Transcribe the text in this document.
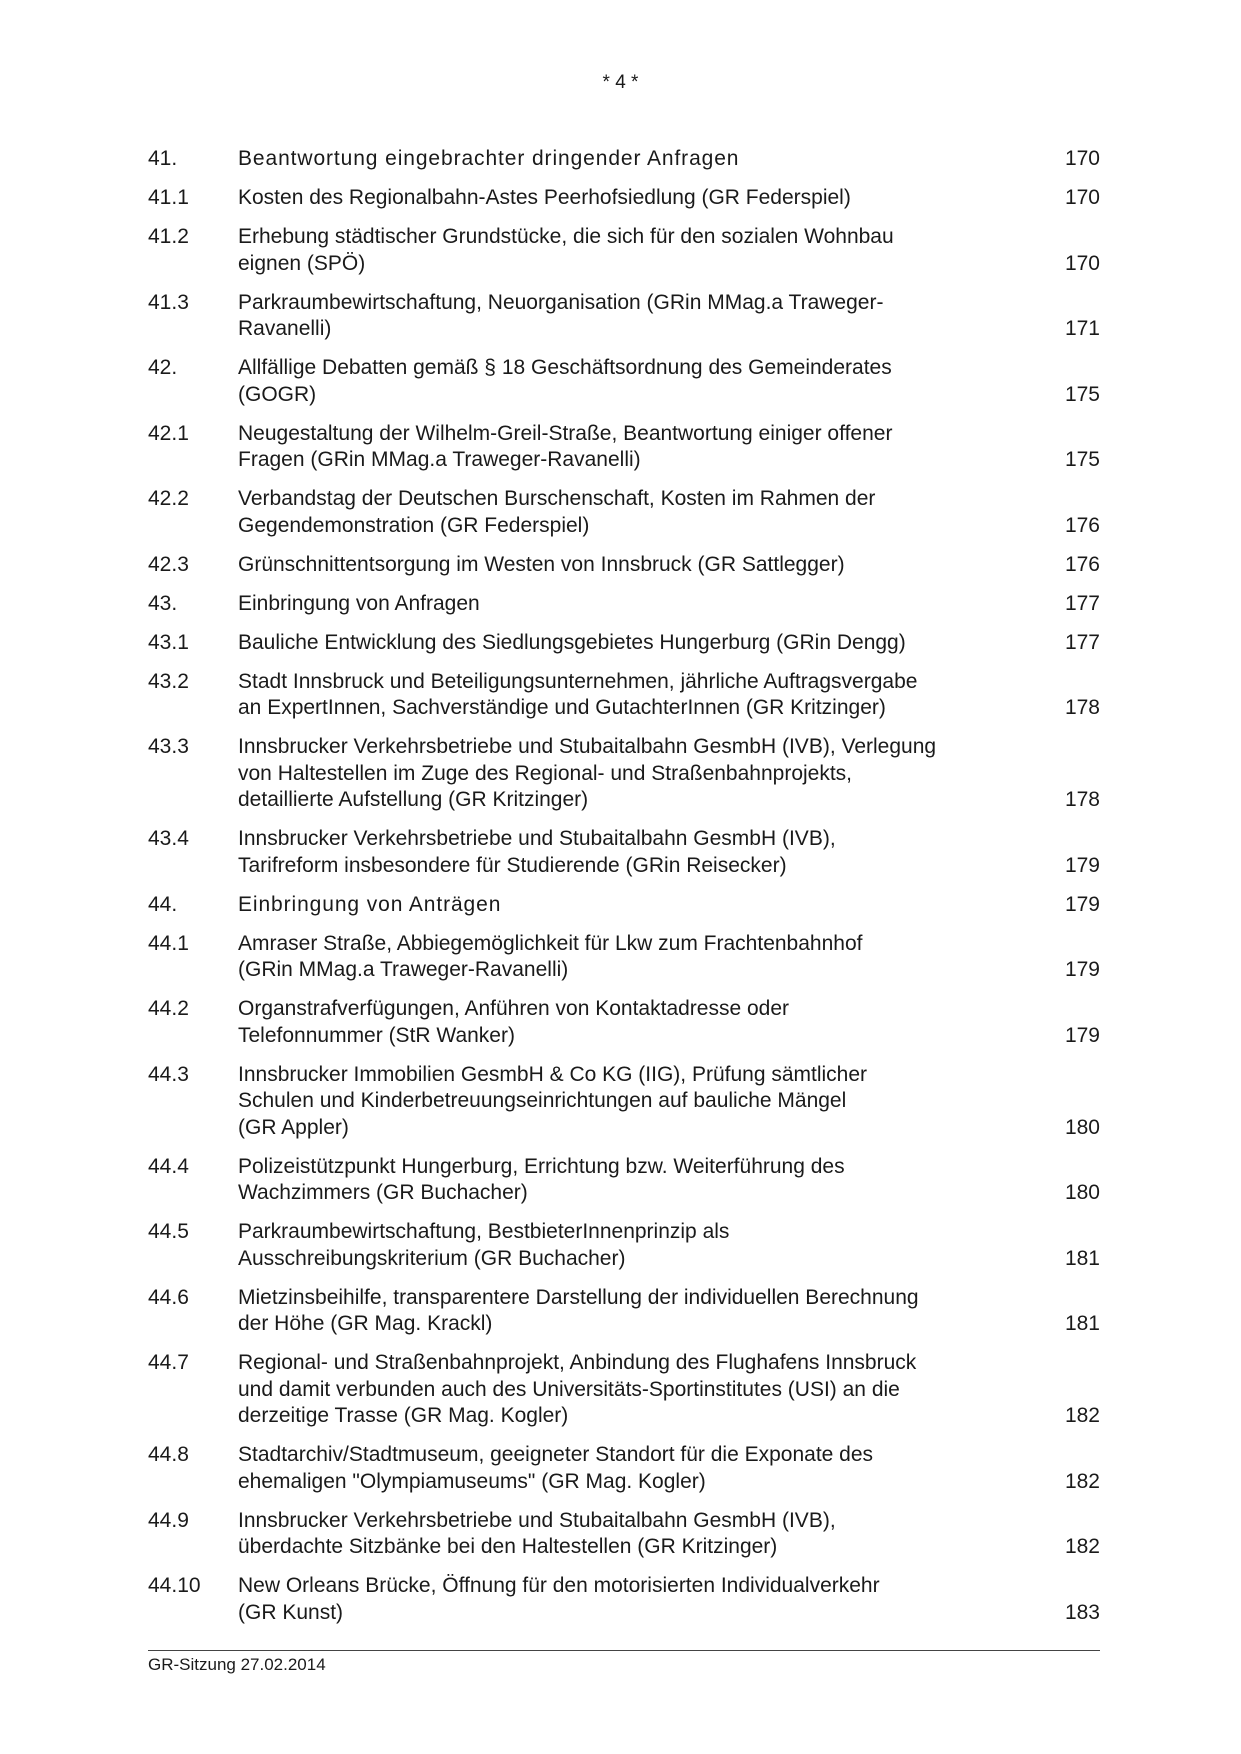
* 4 *
41.	Beantwortung eingebrachter dringender Anfragen	170
41.1	Kosten des Regionalbahn-Astes Peerhofsiedlung (GR Federspiel)	170
41.2	Erhebung städtischer Grundstücke, die sich für den sozialen Wohnbau
eignen (SPÖ)	170
41.3	Parkraumbewirtschaftung, Neuorganisation (GRin MMag.a Traweger-
Ravanelli)	171
42.	Allfällige Debatten gemäß § 18 Geschäftsordnung des Gemeinderates
(GOGR)	175
42.1	Neugestaltung der Wilhelm-Greil-Straße, Beantwortung einiger offener
Fragen (GRin MMag.a Traweger-Ravanelli)	175
42.2	Verbandstag der Deutschen Burschenschaft, Kosten im Rahmen der
Gegendemonstration (GR Federspiel)	176
42.3	Grünschnittentsorgung im Westen von Innsbruck (GR Sattlegger)	176
43.	Einbringung von Anfragen	177
43.1	Bauliche Entwicklung des Siedlungsgebietes Hungerburg (GRin Dengg)	177
43.2	Stadt Innsbruck und Beteiligungsunternehmen, jährliche Auftragsvergabe
an ExpertInnen, Sachverständige und GutachterInnen (GR Kritzinger)	178
43.3	Innsbrucker Verkehrsbetriebe und Stubaitalbahn GesmbH (IVB), Verlegung
von Haltestellen im Zuge des Regional- und Straßenbahnprojekts,
detaillierte Aufstellung (GR Kritzinger)	178
43.4	Innsbrucker Verkehrsbetriebe und Stubaitalbahn GesmbH (IVB),
Tarifreform insbesondere für Studierende (GRin Reisecker)	179
44.	Einbringung von Anträgen	179
44.1	Amraser Straße, Abbiegemöglichkeit für Lkw zum Frachtenbahnhof
(GRin MMag.a Traweger-Ravanelli)	179
44.2	Organstrafverfügungen, Anführen von Kontaktadresse oder
Telefonnummer (StR Wanker)	179
44.3	Innsbrucker Immobilien GesmbH & Co KG (IIG), Prüfung sämtlicher
Schulen und Kinderbetreuungseinrichtungen auf bauliche Mängel
(GR Appler)	180
44.4	Polizeistützpunkt Hungerburg, Errichtung bzw. Weiterführung des
Wachzimmers (GR Buchacher)	180
44.5	Parkraumbewirtschaftung, BestbieterInnenprinzip als
Ausschreibungskriterium (GR Buchacher)	181
44.6	Mietzinsbeihilfe, transparentere Darstellung der individuellen Berechnung
der Höhe (GR Mag. Krackl)	181
44.7	Regional- und Straßenbahnprojekt, Anbindung des Flughafens Innsbruck
und damit verbunden auch des Universitäts-Sportinstitutes (USI) an die
derzeitige Trasse (GR Mag. Kogler)	182
44.8	Stadtarchiv/Stadtmuseum, geeigneter Standort für die Exponate des
ehemaligen "Olympiamuseums" (GR Mag. Kogler)	182
44.9	Innsbrucker Verkehrsbetriebe und Stubaitalbahn GesmbH (IVB),
überdachte Sitzbänke bei den Haltestellen (GR Kritzinger)	182
44.10	New Orleans Brücke, Öffnung für den motorisierten Individualverkehr
(GR Kunst)	183
GR-Sitzung 27.02.2014
